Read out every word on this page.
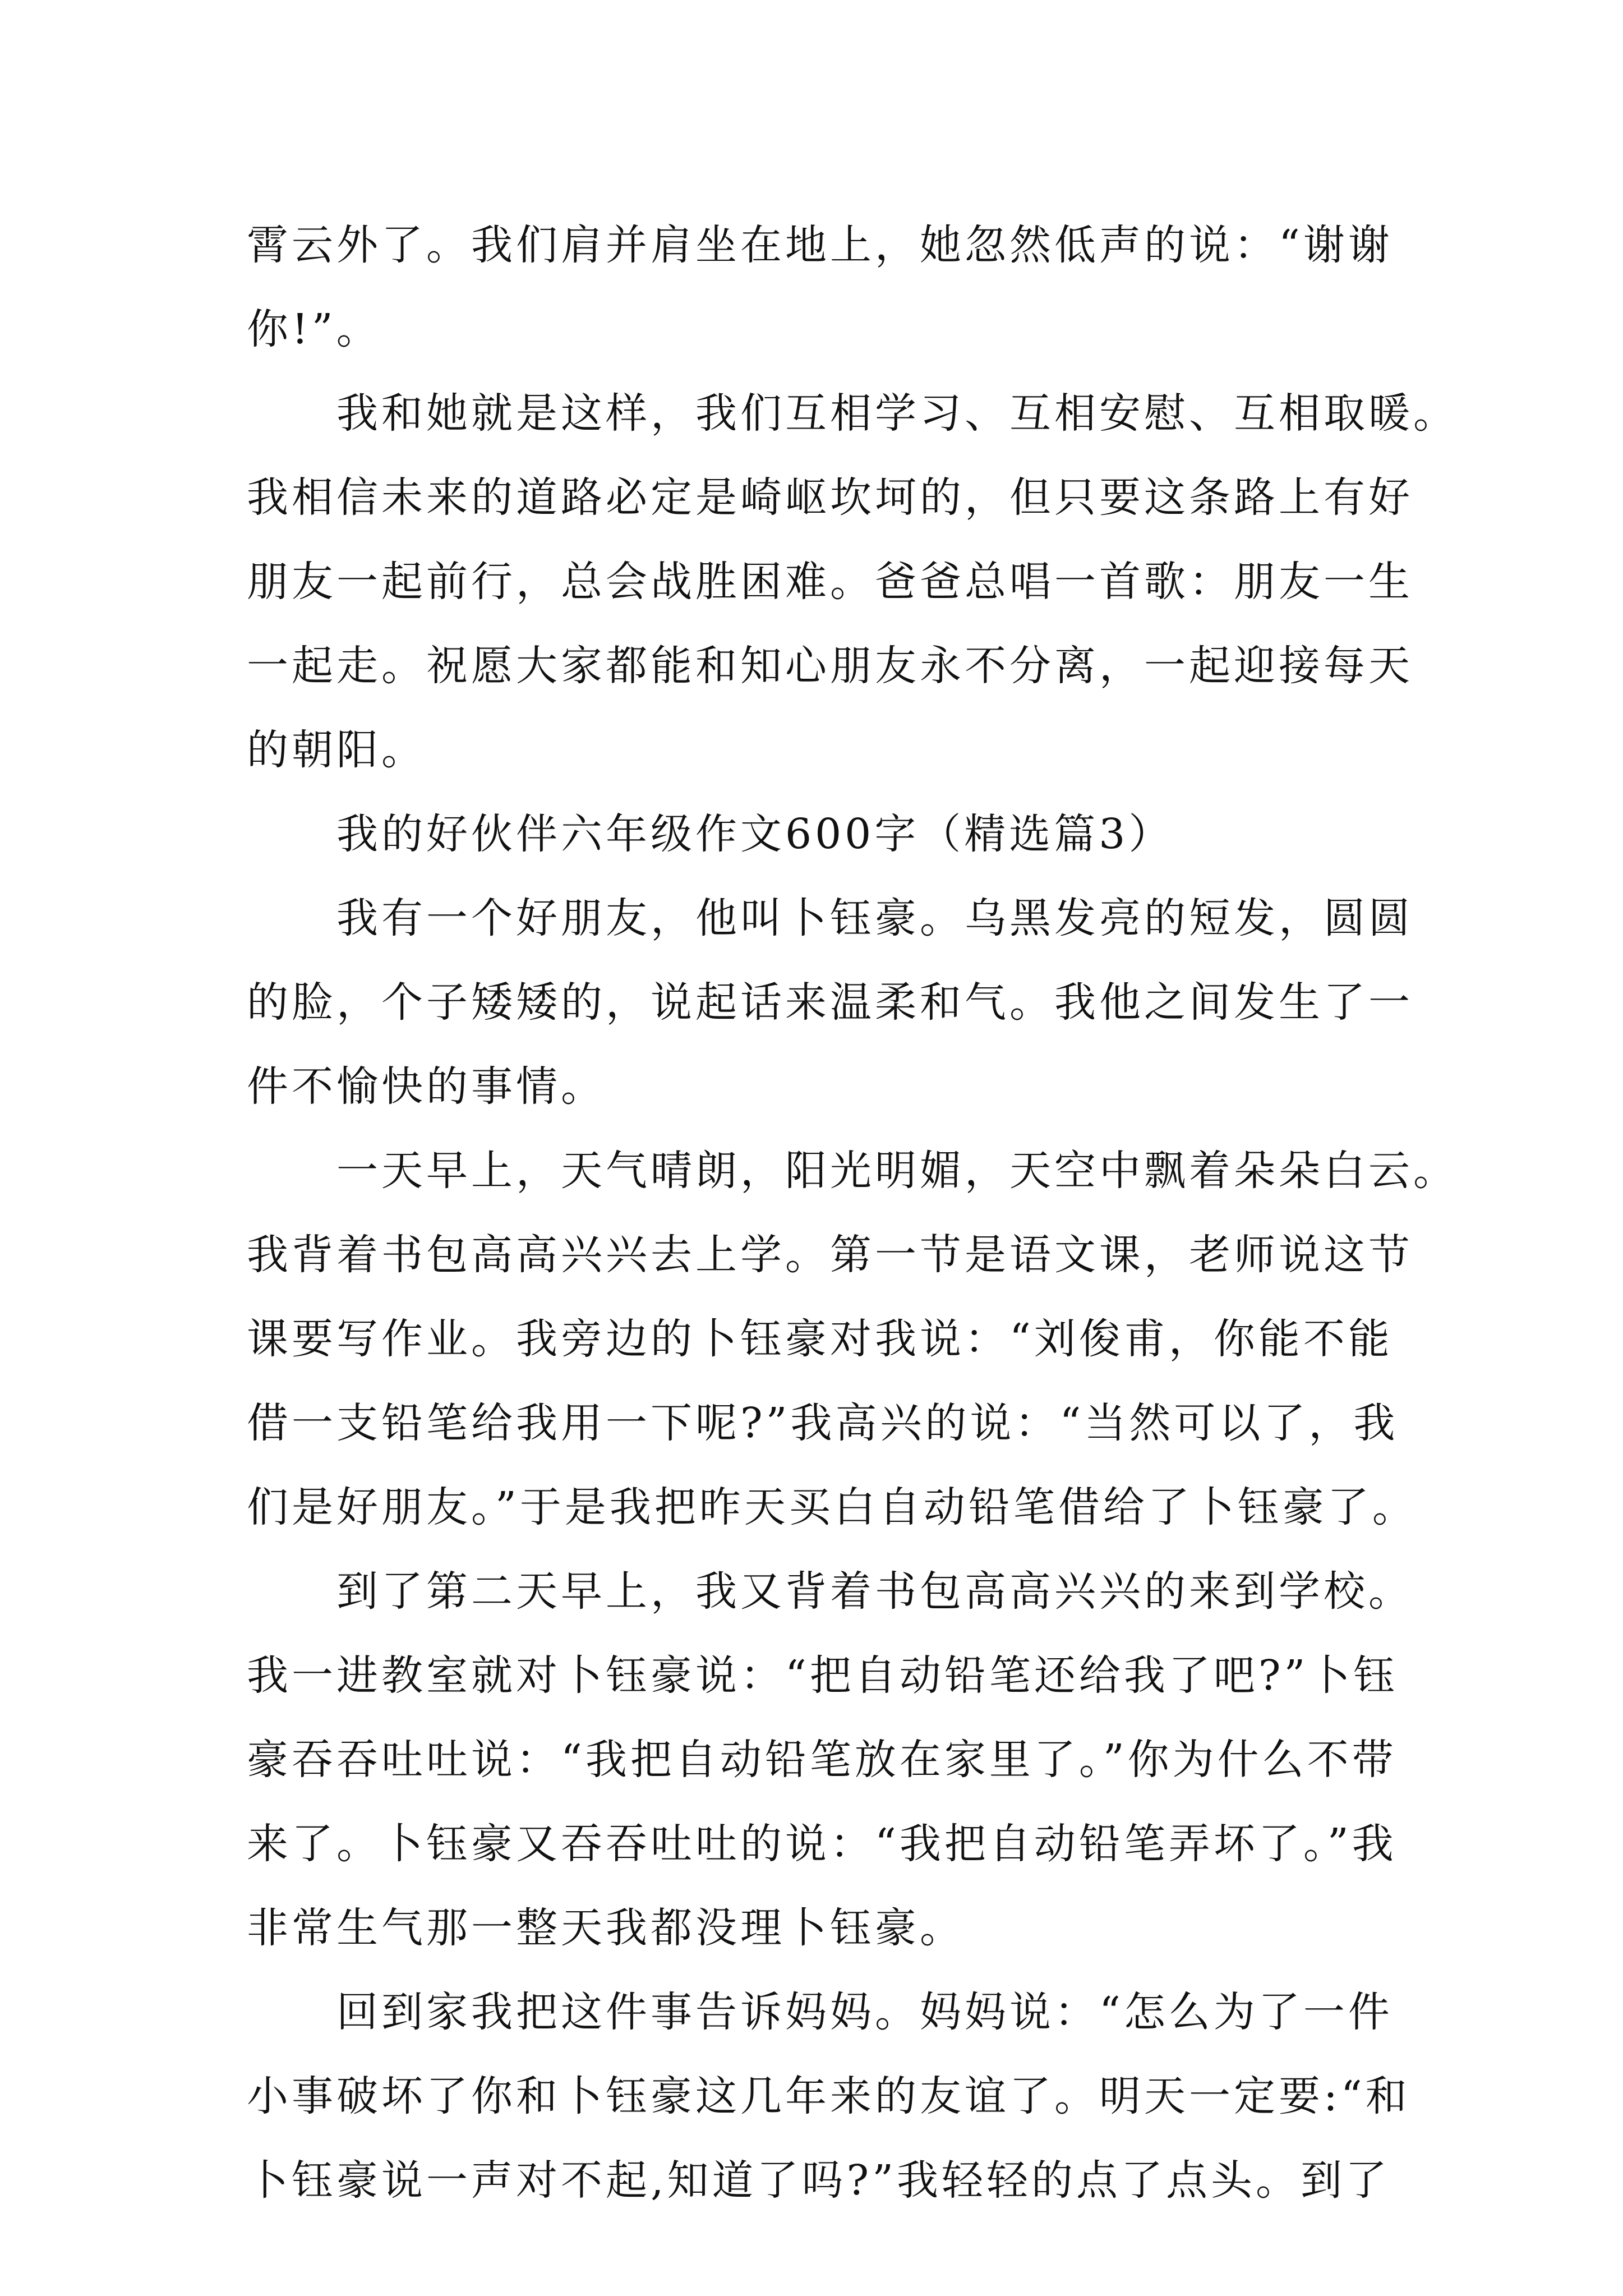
霄云外了。我们肩并肩坐在地上，她忽然低声的说：“谢谢
你!”。
我和她就是这样，我们互相学习、互相安慰、互相取暖。
我相信未来的道路必定是崎岖坎坷的，但只要这条路上有好
朋友一起前行，总会战胜困难。爸爸总唱一首歌：朋友一生
一起走。祝愿大家都能和知心朋友永不分离，一起迎接每天
的朝阳。
我的好伙伴六年级作文600字（精选篇3）
我有一个好朋友，他叫卜钰豪。乌黑发亮的短发，圆圆
的脸，个子矮矮的，说起话来温柔和气。我他之间发生了一
件不愉快的事情。
一天早上，天气晴朗，阳光明媚，天空中飘着朵朵白云。
我背着书包高高兴兴去上学。第一节是语文课，老师说这节
课要写作业。我旁边的卜钰豪对我说：“刘俊甫，你能不能
借一支铅笔给我用一下呢?”我高兴的说：“当然可以了，我
们是好朋友。”于是我把昨天买白自动铅笔借给了卜钰豪了。
到了第二天早上，我又背着书包高高兴兴的来到学校。
我一进教室就对卜钰豪说：“把自动铅笔还给我了吧?”卜钰
豪吞吞吐吐说：“我把自动铅笔放在家里了。”你为什么不带
来了。卜钰豪又吞吞吐吐的说：“我把自动铅笔弄坏了。”我
非常生气那一整天我都没理卜钰豪。
回到家我把这件事告诉妈妈。妈妈说：“怎么为了一件
小事破坏了你和卜钰豪这几年来的友谊了。明天一定要:“和
卜钰豪说一声对不起,知道了吗?”我轻轻的点了点头。到了
